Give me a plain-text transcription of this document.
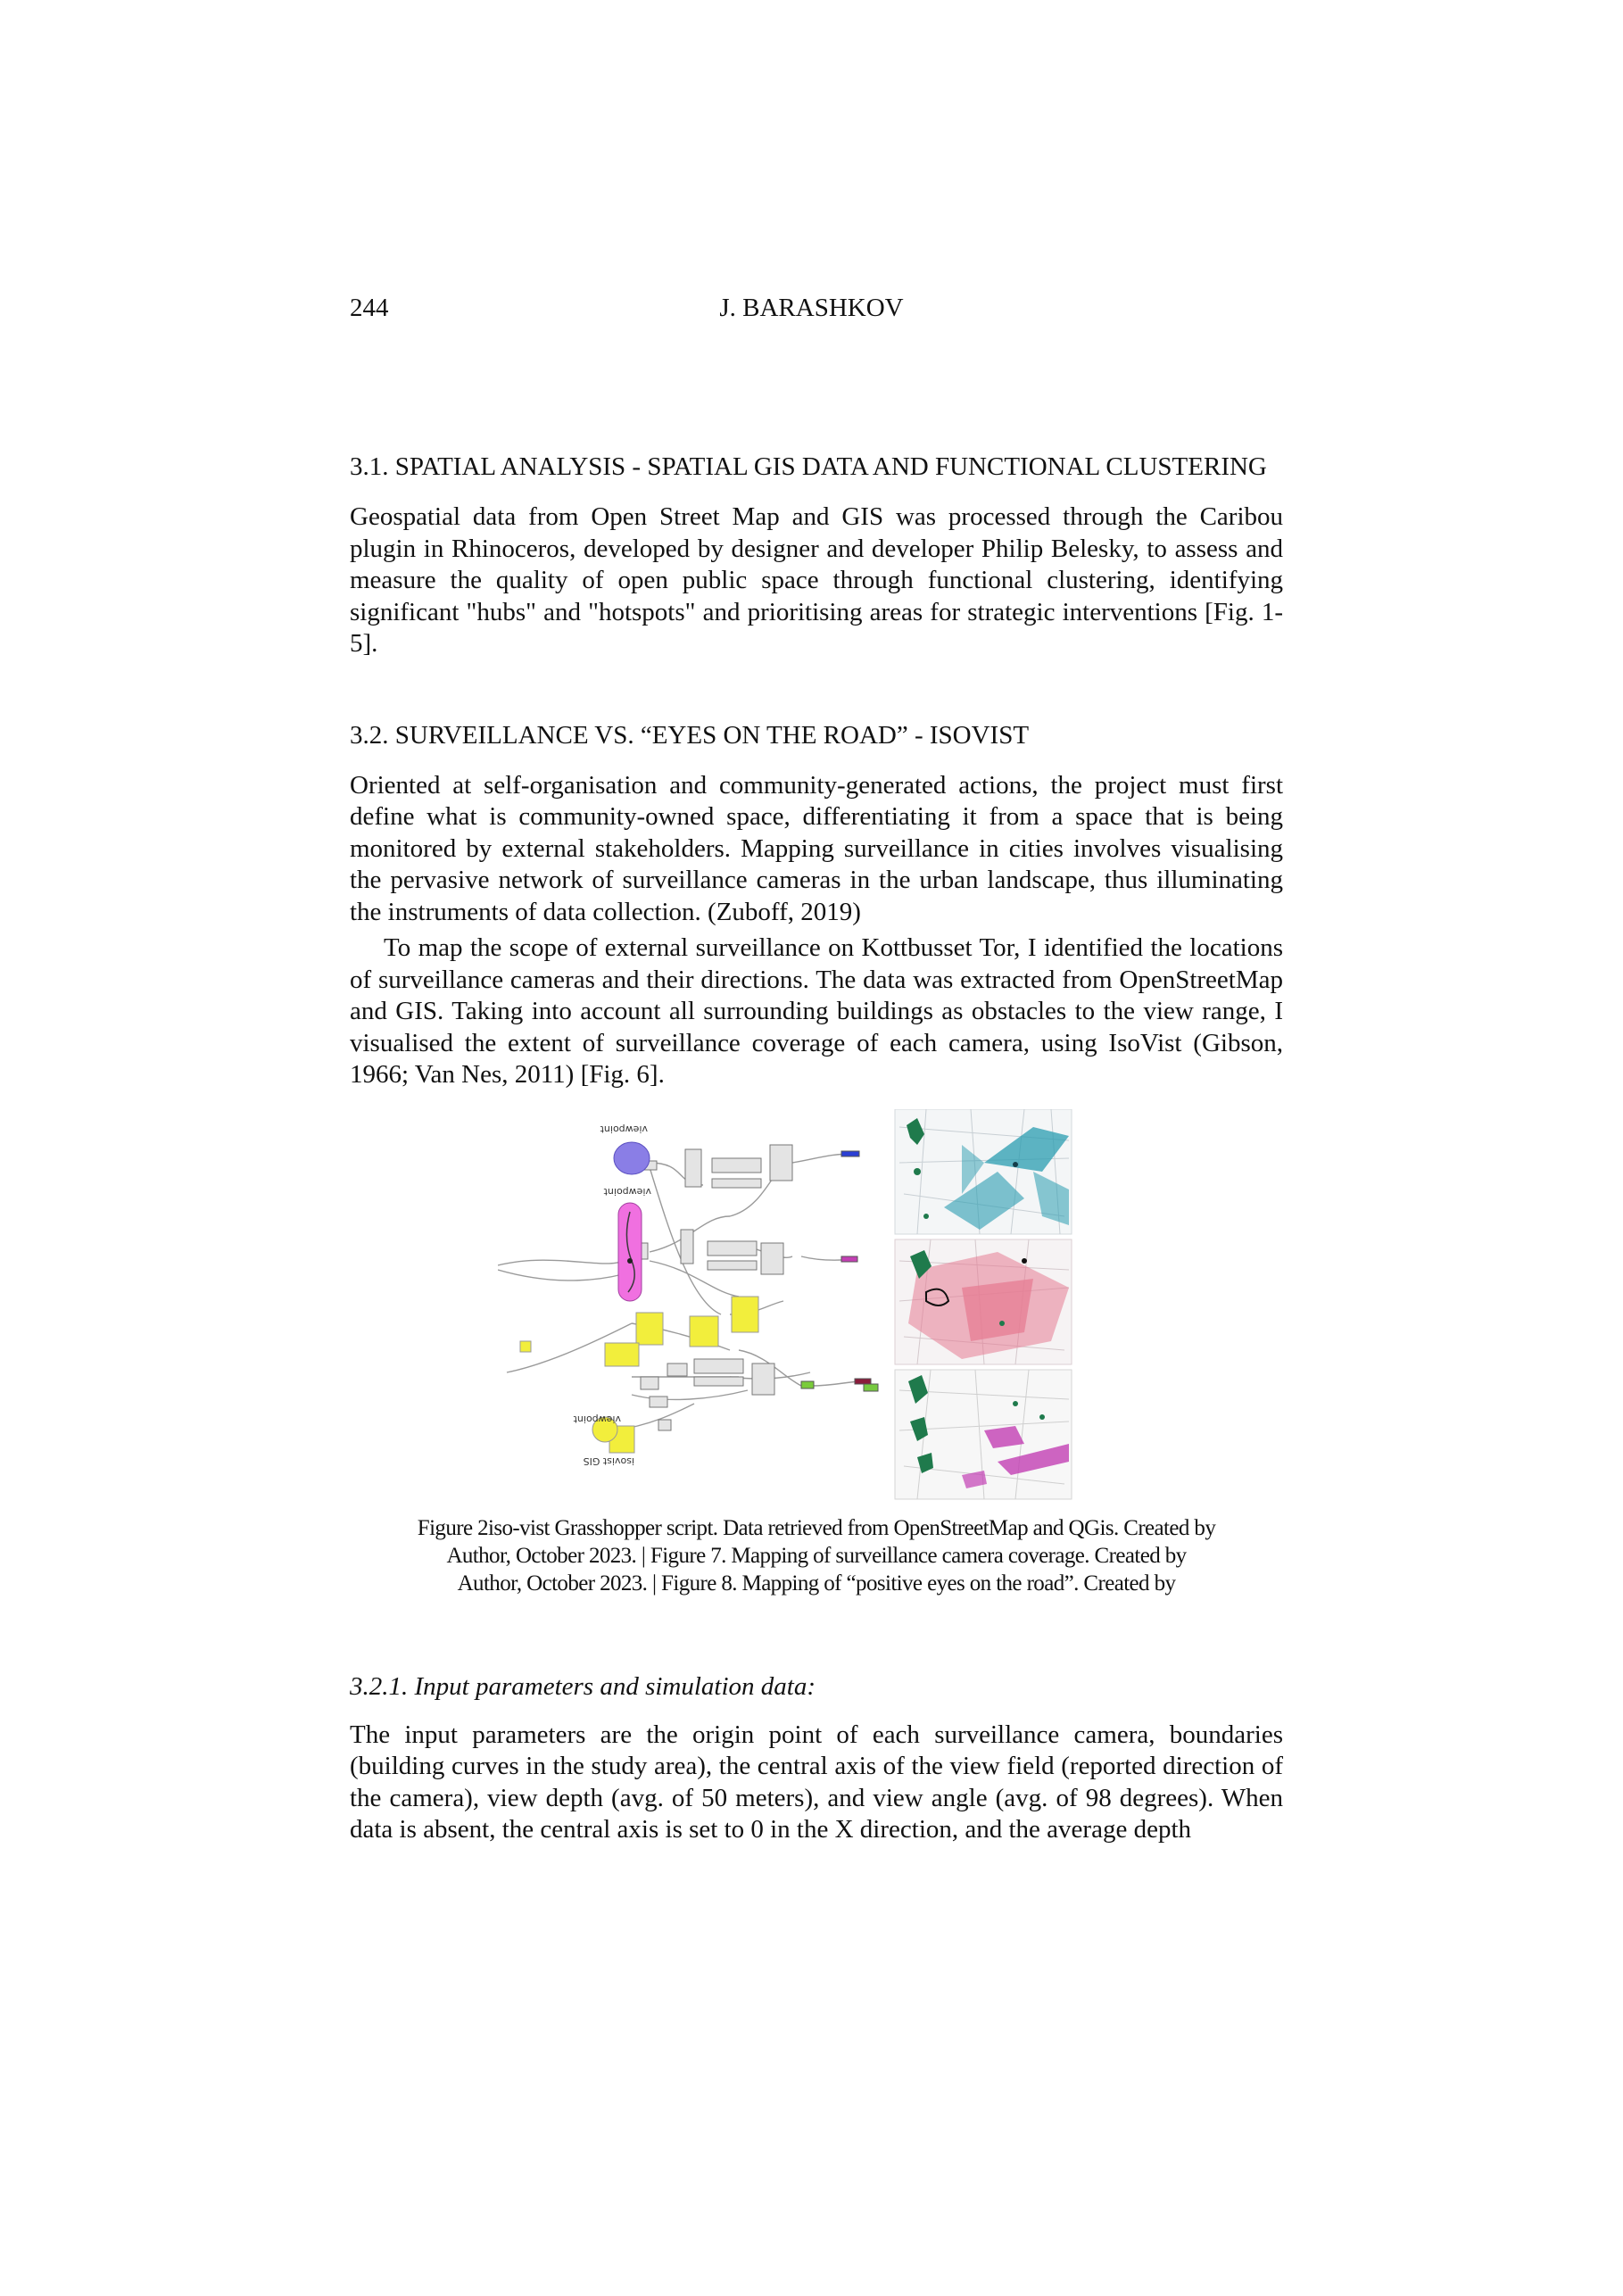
244	J. BARASHKOV
3.1. SPATIAL ANALYSIS - SPATIAL GIS DATA AND FUNCTIONAL CLUSTERING

Geospatial data from Open Street Map and GIS was processed through the Caribou plugin in Rhinoceros, developed by designer and developer Philip Belesky, to assess and measure the quality of open public space through functional clustering, identifying significant "hubs" and "hotspots" and prioritising areas for strategic interventions [Fig. 1-5].

3.2. SURVEILLANCE VS. “EYES ON THE ROAD” - ISOVIST

Oriented at self-organisation and community-generated actions, the project must first define what is community-owned space, differentiating it from a space that is being monitored by external stakeholders. Mapping surveillance in cities involves visualising the pervasive network of surveillance cameras in the urban landscape, thus illuminating the instruments of data collection. (Zuboff, 2019)

To map the scope of external surveillance on Kottbusset Tor, I identified the locations of surveillance cameras and their directions. The data was extracted from OpenStreetMap and GIS. Taking into account all surrounding buildings as obstacles to the view range, I visualised the extent of surveillance coverage of each camera, using IsoVist (Gibson, 1966; Van Nes, 2011) [Fig. 6].

viewpoint
viewpoint
viewpoint
isovist GIS
Figure 2iso-vist Grasshopper script. Data retrieved from OpenStreetMap and QGis. Created by Author, October 2023. | Figure 7. Mapping of surveillance camera coverage. Created by Author, October 2023. | Figure 8. Mapping of “positive eyes on the road”. Created by
3.2.1. Input parameters and simulation data:

The input parameters are the origin point of each surveillance camera, boundaries (building curves in the study area), the central axis of the view field (reported direction of the camera), view depth (avg. of 50 meters), and view angle (avg. of 98 degrees). When data is absent, the central axis is set to 0 in the X direction, and the average depth
